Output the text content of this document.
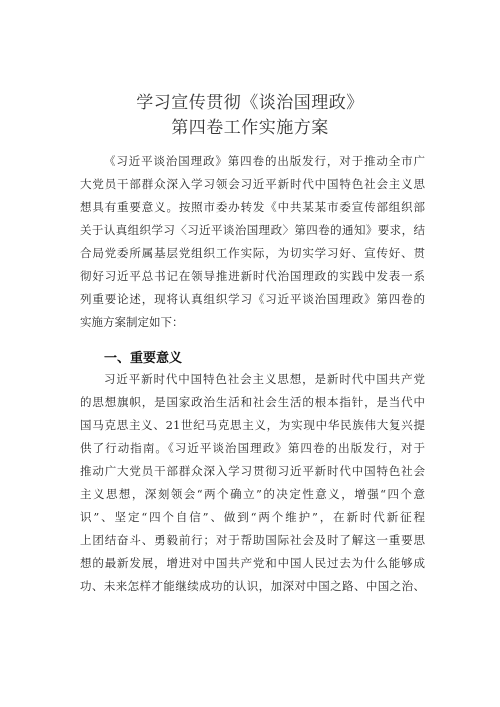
学习宣传贯彻《谈治国理政》
第四卷工作实施方案
《习近平谈治国理政》第四卷的出版发行，对于推动全市广
大党员干部群众深入学习领会习近平新时代中国特色社会主义思
想具有重要意义。按照市委办转发《中共某某市委宣传部组织部
关于认真组织学习〈习近平谈治国理政〉第四卷的通知》要求，结
合局党委所属基层党组织工作实际，为切实学习好、宣传好、贯
彻好习近平总书记在领导推进新时代治国理政的实践中发表一系
列重要论述，现将认真组织学习《习近平谈治国理政》第四卷的
实施方案制定如下：
一、重要意义
习近平新时代中国特色社会主义思想，是新时代中国共产党
的思想旗帜，是国家政治生活和社会生活的根本指针，是当代中
国马克思主义、21世纪马克思主义，为实现中华民族伟大复兴提
供了行动指南。《习近平谈治国理政》第四卷的出版发行，对于
推动广大党员干部群众深入学习贯彻习近平新时代中国特色社会
主义思想，深刻领会“两个确立”的决定性意义，增强“四个意
识”、坚定“四个自信”、做到“两个维护”，在新时代新征程
上团结奋斗、勇毅前行；对于帮助国际社会及时了解这一重要思
想的最新发展，增进对中国共产党和中国人民过去为什么能够成
功、未来怎样才能继续成功的认识，加深对中国之路、中国之治、
